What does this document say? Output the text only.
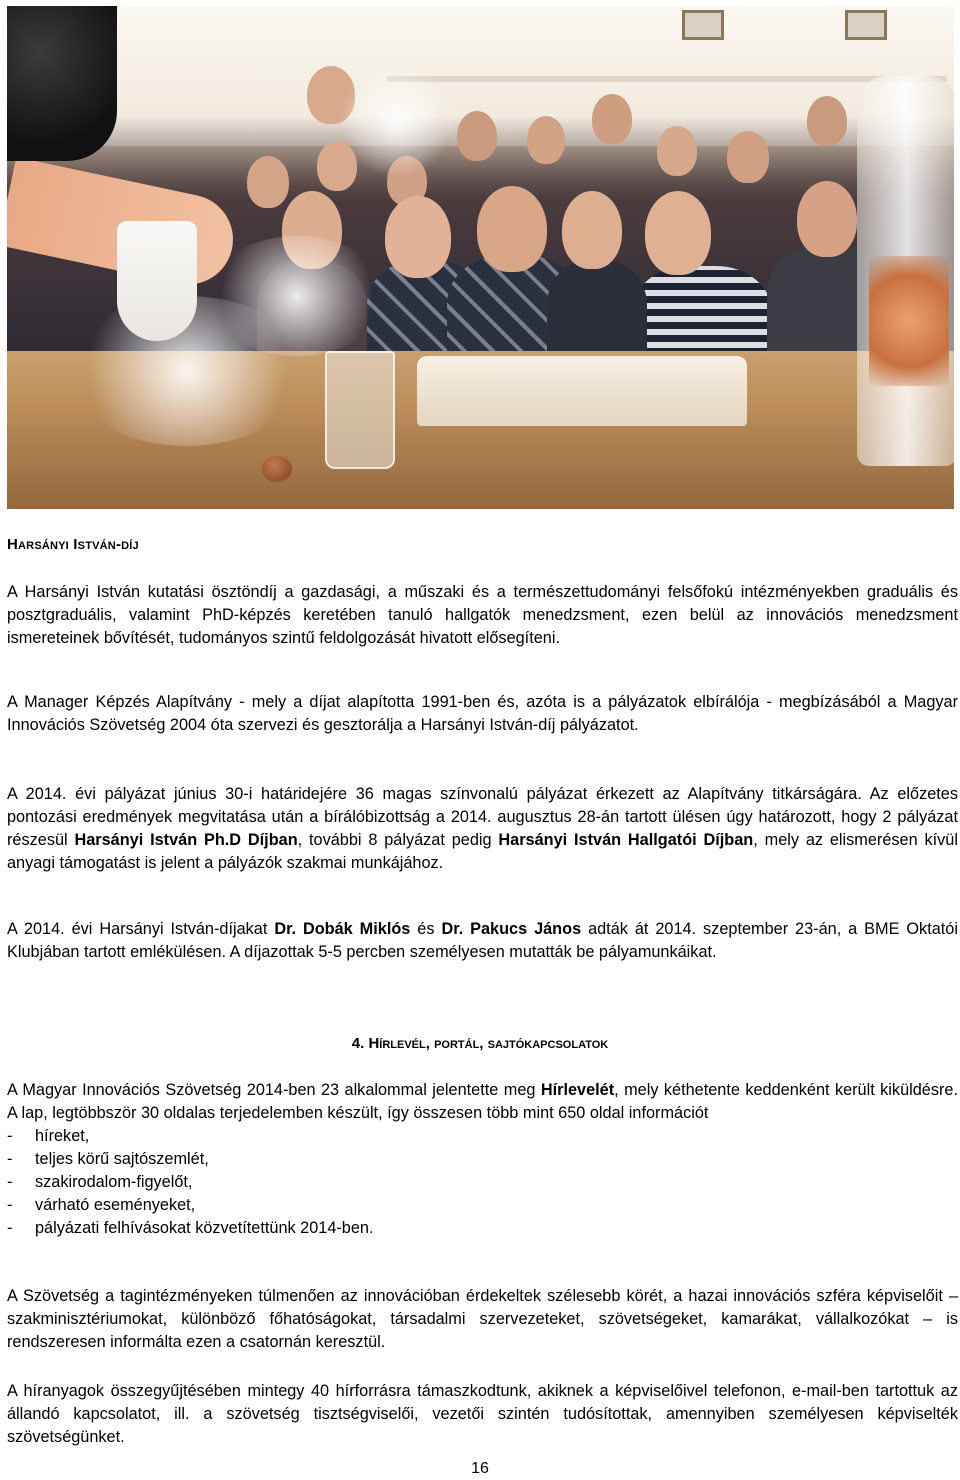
Harsányi István-díj

A Harsányi István kutatási ösztöndíj a gazdasági, a műszaki és a természettudományi felsőfokú intézményekben graduális és posztgraduális, valamint PhD-képzés keretében tanuló hallgatók menedzsment, ezen belül az innovációs menedzsment ismereteinek bővítését, tudományos szintű feldolgozását hivatott elősegíteni.

A Manager Képzés Alapítvány - mely a díjat alapította 1991-ben és, azóta is a pályázatok elbírálója - megbízásából a Magyar Innovációs Szövetség 2004 óta szervezi és gesztorálja a Harsányi István-díj pályázatot.

A 2014. évi pályázat június 30-i határidejére 36 magas színvonalú pályázat érkezett az Alapítvány titkárságára. Az előzetes pontozási eredmények megvitatása után a bírálóbizottság a 2014. augusztus 28-án tartott ülésen úgy határozott, hogy 2 pályázat részesül Harsányi István Ph.D Díjban, további 8 pályázat pedig Harsányi István Hallgatói Díjban, mely az elismerésen kívül anyagi támogatást is jelent a pályázók szakmai munkájához.

A 2014. évi Harsányi István-díjakat Dr. Dobák Miklós és Dr. Pakucs János adták át 2014. szeptember 23-án, a BME Oktatói Klubjában tartott emlékülésen. A díjazottak 5-5 percben személyesen mutatták be pályamunkáikat.

4. Hírlevél, portál, sajtókapcsolatok

A Magyar Innovációs Szövetség 2014-ben 23 alkalommal jelentette meg Hírlevelét, mely kéthetente keddenként került kiküldésre. A lap, legtöbbször 30 oldalas terjedelemben készült, így összesen több mint 650 oldal információt

- híreket,
- teljes körű sajtószemlét,
- szakirodalom-figyelőt,
- várható eseményeket,
- pályázati felhívásokat közvetítettünk 2014-ben.

A Szövetség a tagintézményeken túlmenően az innovációban érdekeltek szélesebb körét, a hazai innovációs szféra képviselőit – szakminisztériumokat, különböző főhatóságokat, társadalmi szervezeteket, szövetségeket, kamarákat, vállalkozókat – is rendszeresen informálta ezen a csatornán keresztül.

A híranyagok összegyűjtésében mintegy 40 hírforrásra támaszkodtunk, akiknek a képviselőivel telefonon, e-mail-ben tartottuk az állandó kapcsolatot, ill. a szövetség tisztségviselői, vezetői szintén tudósítottak, amennyiben személyesen képviselték szövetségünket.

16
